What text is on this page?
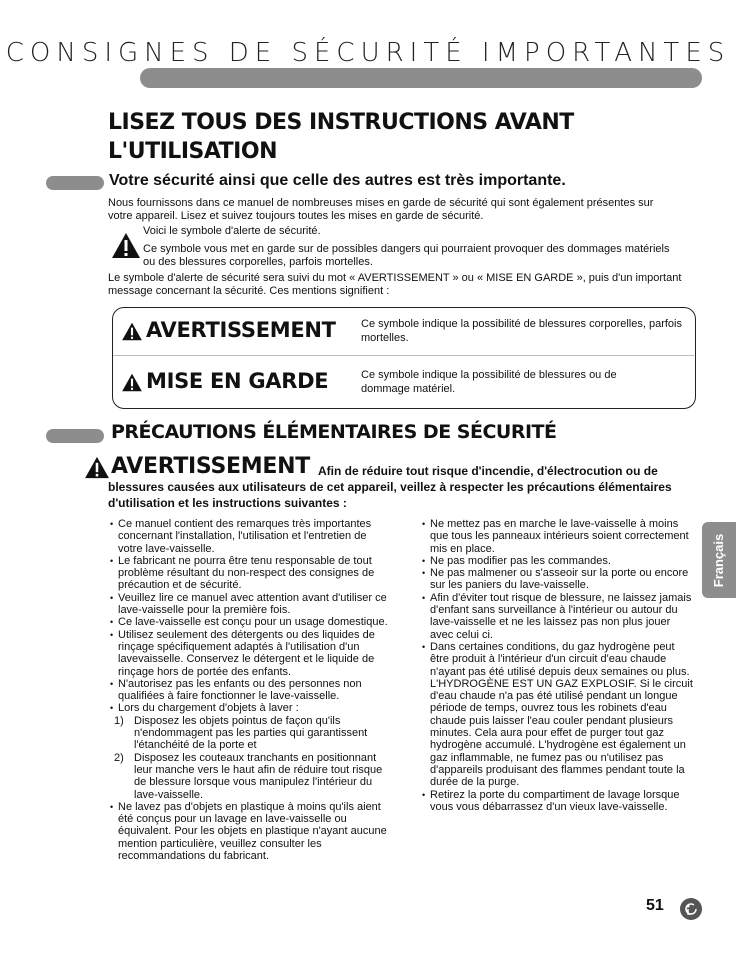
CONSIGNES DE SÉCURITÉ IMPORTANTES
LISEZ TOUS DES INSTRUCTIONS AVANT
L'UTILISATION
Votre sécurité ainsi que celle des autres est très importante.
Nous fournissons dans ce manuel de nombreuses mises en garde de sécurité qui sont également présentes sur votre appareil. Lisez et suivez toujours toutes les mises en garde de sécurité.
Voici le symbole d'alerte de sécurité.
Ce symbole vous met en garde sur de possibles dangers qui pourraient provoquer des dommages matériels ou des blessures corporelles, parfois mortelles.
Le symbole d'alerte de sécurité sera suivi du mot « AVERTISSEMENT » ou « MISE EN GARDE », puis d'un important message concernant la sécurité. Ces mentions signifient :
AVERTISSEMENT Ce symbole indique la possibilité de blessures corporelles, parfois mortelles.
MISE EN GARDE	Ce symbole indique la possibilité de blessures ou de dommage matériel.
PRÉCAUTIONS ÉLÉMENTAIRES DE SÉCURITÉ
AVERTISSEMENT Afin de réduire tout risque d'incendie, d'électrocution ou de blessures causées aux utilisateurs de cet appareil, veillez à respecter les précautions élémentaires d'utilisation et les instructions suivantes :
• Ce manuel contient des remarques très importantes concernant l'installation, l'utilisation et l'entretien de votre lave-vaisselle.
• Le fabricant ne pourra être tenu responsable de tout problème résultant du non-respect des consignes de précaution et de sécurité.
• Veuillez lire ce manuel avec attention avant d'utiliser ce lave-vaisselle pour la première fois.
• Ce lave-vaisselle est conçu pour un usage domestique.
• Utilisez seulement des détergents ou des liquides de rinçage spécifiquement adaptés à l'utilisation d'un lavevaisselle. Conservez le détergent et le liquide de rinçage hors de portée des enfants.
• N'autorisez pas les enfants ou des personnes non qualifiées à faire fonctionner le lave-vaisselle.
• Lors du chargement d'objets à laver :
1) Disposez les objets pointus de façon qu'ils n'endommagent pas les parties qui garantissent l'étanchéité de la porte et
2) Disposez les couteaux tranchants en positionnant leur manche vers le haut afin de réduire tout risque de blessure lorsque vous manipulez l'intérieur du lave-vaisselle.
• Ne lavez pas d'objets en plastique à moins qu'ils aient été conçus pour un lavage en lave-vaisselle ou équivalent. Pour les objets en plastique n'ayant aucune mention particulière, veuillez consulter les recommandations du fabricant.
• Ne mettez pas en marche le lave-vaisselle à moins que tous les panneaux intérieurs soient correctement mis en place.
• Ne pas modifier pas les commandes.
• Ne pas malmener ou s'asseoir sur la porte ou encore sur les paniers du lave-vaisselle.
• Afin d'éviter tout risque de blessure, ne laissez jamais d'enfant sans surveillance à l'intérieur ou autour du lave-vaisselle et ne les laissez pas non plus jouer avec celui ci.
• Dans certaines conditions, du gaz hydrogène peut être produit à l'intérieur d'un circuit d'eau chaude n'ayant pas été utilisé depuis deux semaines ou plus. L'HYDROGÈNE EST UN GAZ EXPLOSIF. Si le circuit d'eau chaude n'a pas été utilisé pendant un longue période de temps, ouvrez tous les robinets d'eau chaude puis laisser l'eau couler pendant plusieurs minutes. Cela aura pour effet de purger tout gaz hydrogène accumulé. L'hydrogène est également un gaz inflammable, ne fumez pas ou n'utilisez pas d'appareils produisant des flammes pendant toute la durée de la purge.
• Retirez la porte du compartiment de lavage lorsque vous vous débarrassez d'un vieux lave-vaisselle.
Français
51
